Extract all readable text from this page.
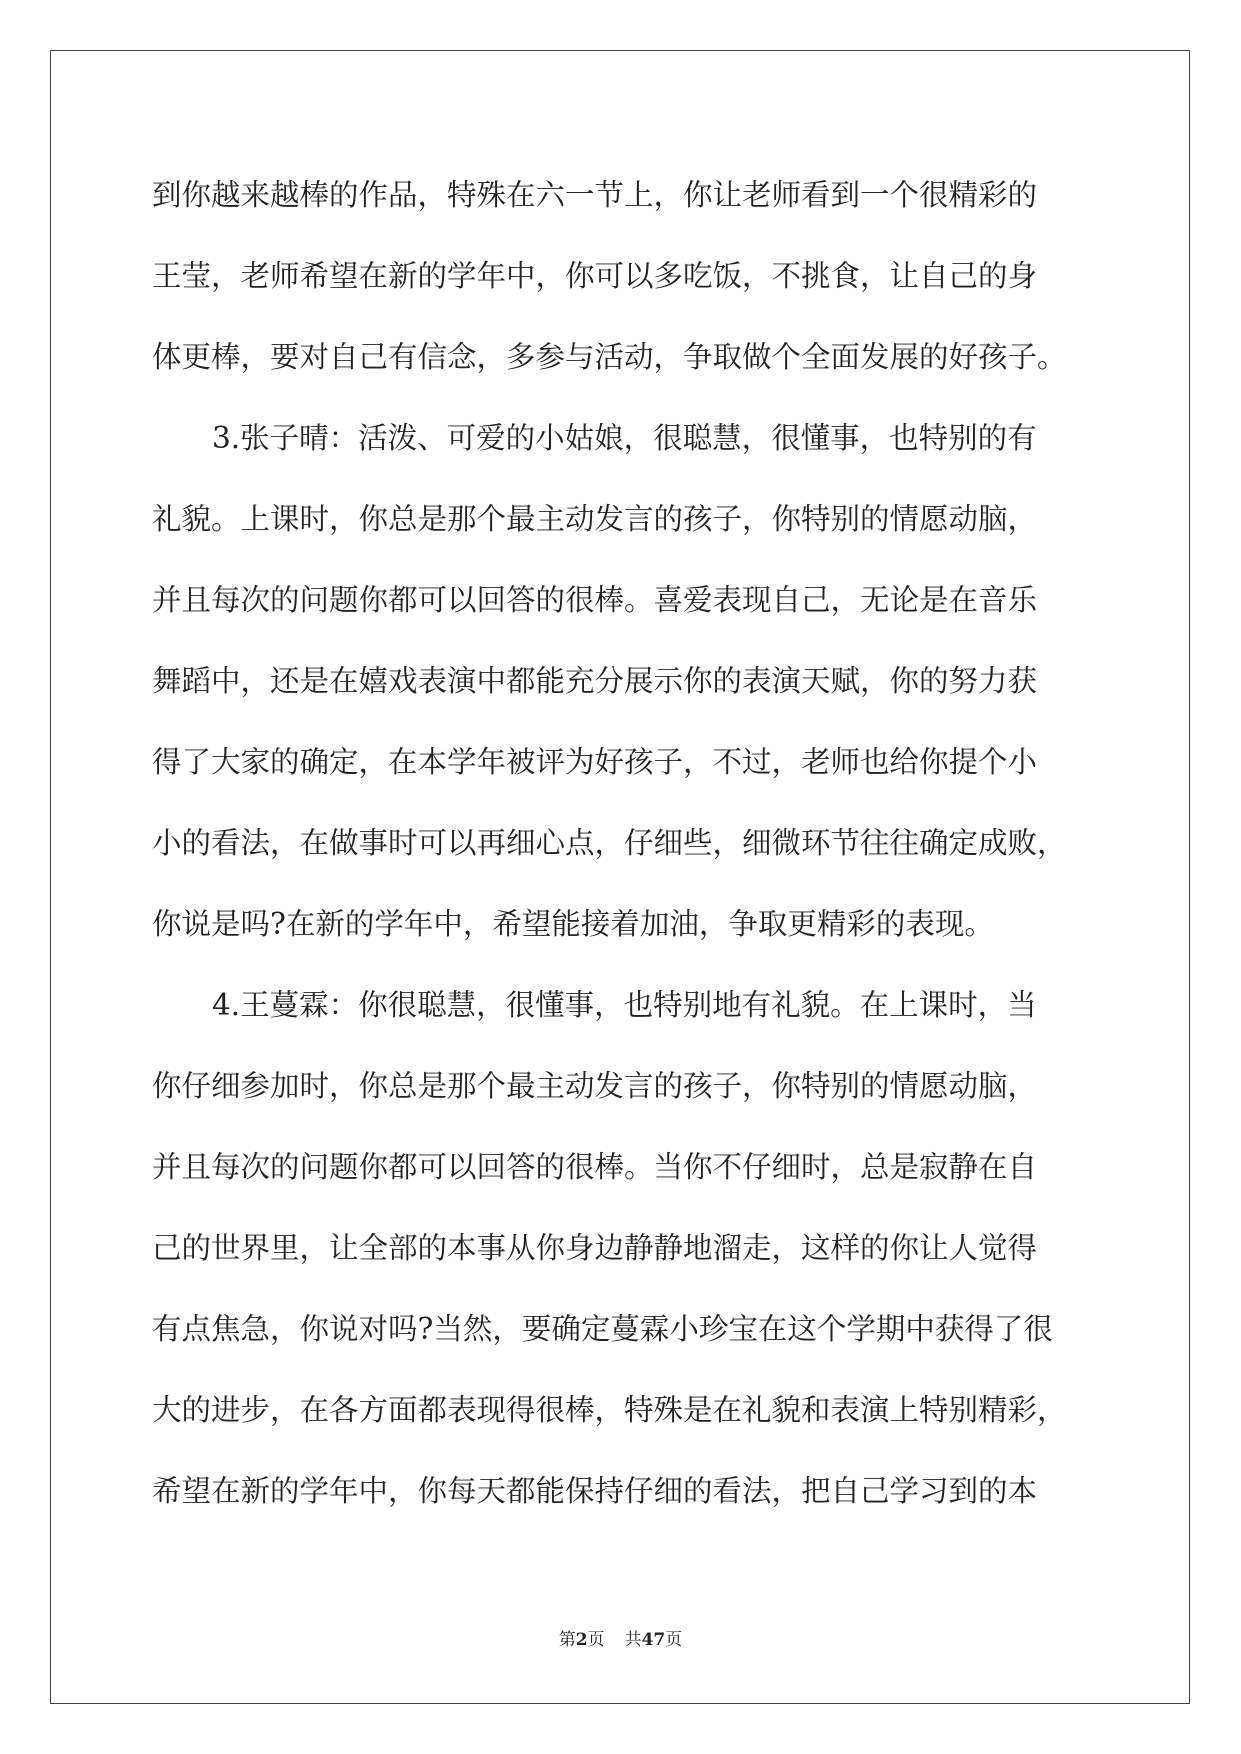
到你越来越棒的作品，特殊在六一节上，你让老师看到一个很精彩的
王莹，老师希望在新的学年中，你可以多吃饭，不挑食，让自己的身
体更棒，要对自己有信念，多参与活动，争取做个全面发展的好孩子。
3.张子晴：活泼、可爱的小姑娘，很聪慧，很懂事，也特别的有
礼貌。上课时，你总是那个最主动发言的孩子，你特别的情愿动脑，
并且每次的问题你都可以回答的很棒。喜爱表现自己，无论是在音乐
舞蹈中，还是在嬉戏表演中都能充分展示你的表演天赋，你的努力获
得了大家的确定，在本学年被评为好孩子，不过，老师也给你提个小
小的看法，在做事时可以再细心点，仔细些，细微环节往往确定成败，
你说是吗?在新的学年中，希望能接着加油，争取更精彩的表现。
4.王蔓霖：你很聪慧，很懂事，也特别地有礼貌。在上课时，当
你仔细参加时，你总是那个最主动发言的孩子，你特别的情愿动脑，
并且每次的问题你都可以回答的很棒。当你不仔细时，总是寂静在自
己的世界里，让全部的本事从你身边静静地溜走，这样的你让人觉得
有点焦急，你说对吗?当然，要确定蔓霖小珍宝在这个学期中获得了很
大的进步，在各方面都表现得很棒，特殊是在礼貌和表演上特别精彩，
希望在新的学年中，你每天都能保持仔细的看法，把自己学习到的本
第2页 共47页
